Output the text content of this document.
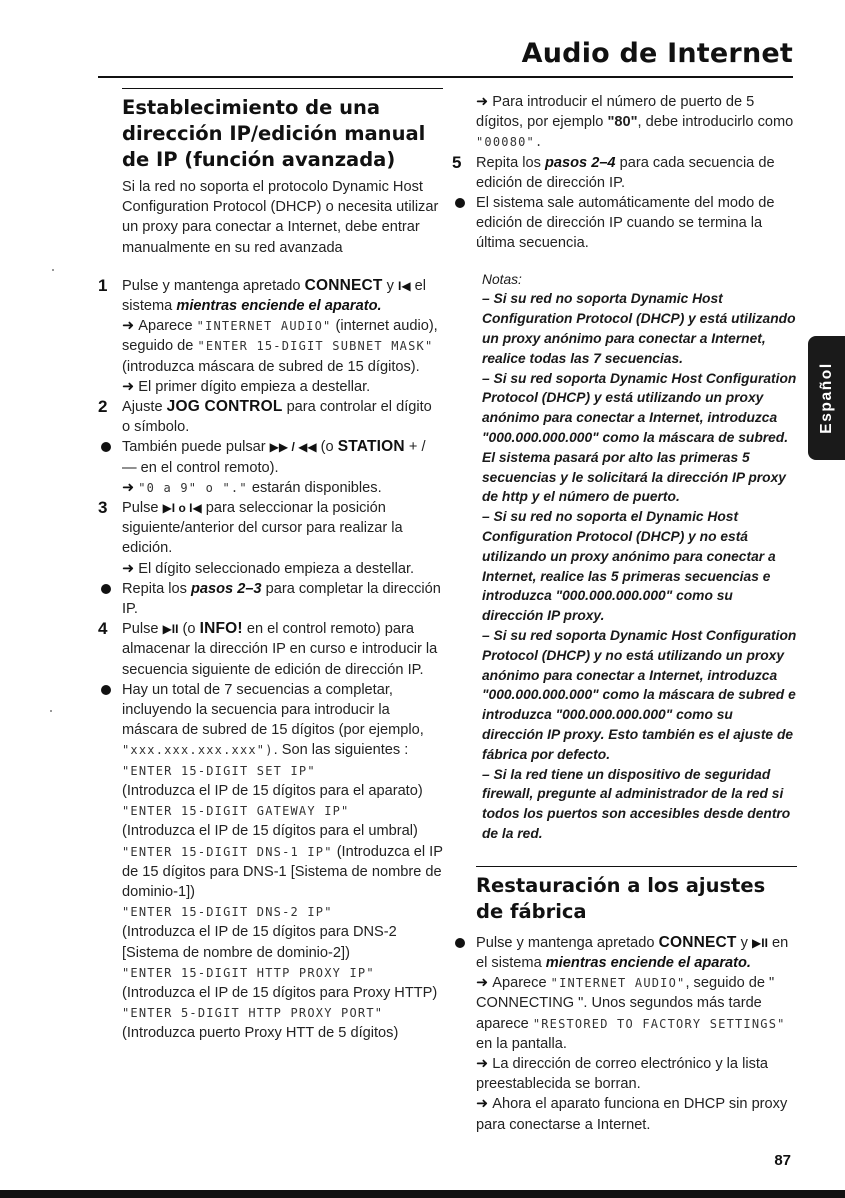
Audio de Internet
Establecimiento de una dirección IP/edición manual de IP (función avanzada)
Si la red no soporta el protocolo Dynamic Host Configuration Protocol (DHCP) o necesita utilizar un proxy para conectar a Internet, debe entrar manualmente en su red avanzada
1 Pulse y mantenga apretado CONNECT y I◀ el sistema mientras enciende el aparato.
➜ Aparece "INTERNET AUDIO" (internet audio), seguido de "ENTER 15-DIGIT SUBNET MASK" (introduzca máscara de subred de 15 dígitos).
➜ El primer dígito empieza a destellar.
2 Ajuste JOG CONTROL para controlar el dígito o símbolo.
También puede pulsar ▶▶ / ◀◀ (o STATION + / — en el control remoto).
➜ "0 a 9" o "." estarán disponibles.
3 Pulse ▶I o I◀ para seleccionar la posición siguiente/anterior del cursor para realizar la edición.
➜ El dígito seleccionado empieza a destellar.
Repita los pasos 2–3 para completar la dirección IP.
4 Pulse ▶II (o INFO! en el control remoto) para almacenar la dirección IP en curso e introducir la secuencia siguiente de edición de dirección IP.
Hay un total de 7 secuencias a completar, incluyendo la secuencia para introducir la máscara de subred de 15 dígitos (por ejemplo, "xxx.xxx.xxx.xxx"). Son las siguientes :
"ENTER 15-DIGIT SET IP"
(Introduzca el IP de 15 dígitos para el aparato)
"ENTER 15-DIGIT GATEWAY IP"
(Introduzca el IP de 15 dígitos para el umbral)
"ENTER 15-DIGIT DNS-1 IP" (Introduzca el IP de 15 dígitos para DNS-1 [Sistema de nombre de dominio-1])
"ENTER 15-DIGIT DNS-2 IP"
(Introduzca el IP de 15 dígitos para DNS-2 [Sistema de nombre de dominio-2])
"ENTER 15-DIGIT HTTP PROXY IP"
(Introduzca el IP de 15 dígitos para Proxy HTTP)
"ENTER 5-DIGIT HTTP PROXY PORT"
(Introduzca puerto Proxy HTT de 5 dígitos)
➜ Para introducir el número de puerto de 5 dígitos, por ejemplo "80", debe introducirlo como "00080".
5 Repita los pasos 2–4 para cada secuencia de edición de dirección IP.
El sistema sale automáticamente del modo de edición de dirección IP cuando se termina la última secuencia.
Notas:
– Si su red no soporta Dynamic Host Configuration Protocol (DHCP) y está utilizando un proxy anónimo para conectar a Internet, realice todas las 7 secuencias.
– Si su red soporta Dynamic Host Configuration Protocol (DHCP) y está utilizando un proxy anónimo para conectar a Internet, introduzca "000.000.000.000" como la máscara de subred. El sistema pasará por alto las primeras 5 secuencias y le solicitará la dirección IP proxy de http y el número de puerto.
– Si su red no soporta el Dynamic Host Configuration Protocol (DHCP) y no está utilizando un proxy anónimo para conectar a Internet, realice las 5 primeras secuencias e introduzca "000.000.000.000" como su dirección IP proxy.
– Si su red soporta Dynamic Host Configuration Protocol (DHCP) y no está utilizando un proxy anónimo para conectar a Internet, introduzca "000.000.000.000" como la máscara de subred e introduzca "000.000.000.000" como su dirección IP proxy. Esto también es el ajuste de fábrica por defecto.
– Si la red tiene un dispositivo de seguridad firewall, pregunte al administrador de la red si todos los puertos son accesibles desde dentro de la red.
Restauración a los ajustes de fábrica
Pulse y mantenga apretado CONNECT y ▶II en el sistema mientras enciende el aparato.
➜ Aparece "INTERNET AUDIO", seguido de " CONNECTING ". Unos segundos más tarde aparece "RESTORED TO FACTORY SETTINGS" en la pantalla.
➜ La dirección de correo electrónico y la lista preestablecida se borran.
➜ Ahora el aparato funciona en DHCP sin proxy para conectarse a Internet.
Español
87
